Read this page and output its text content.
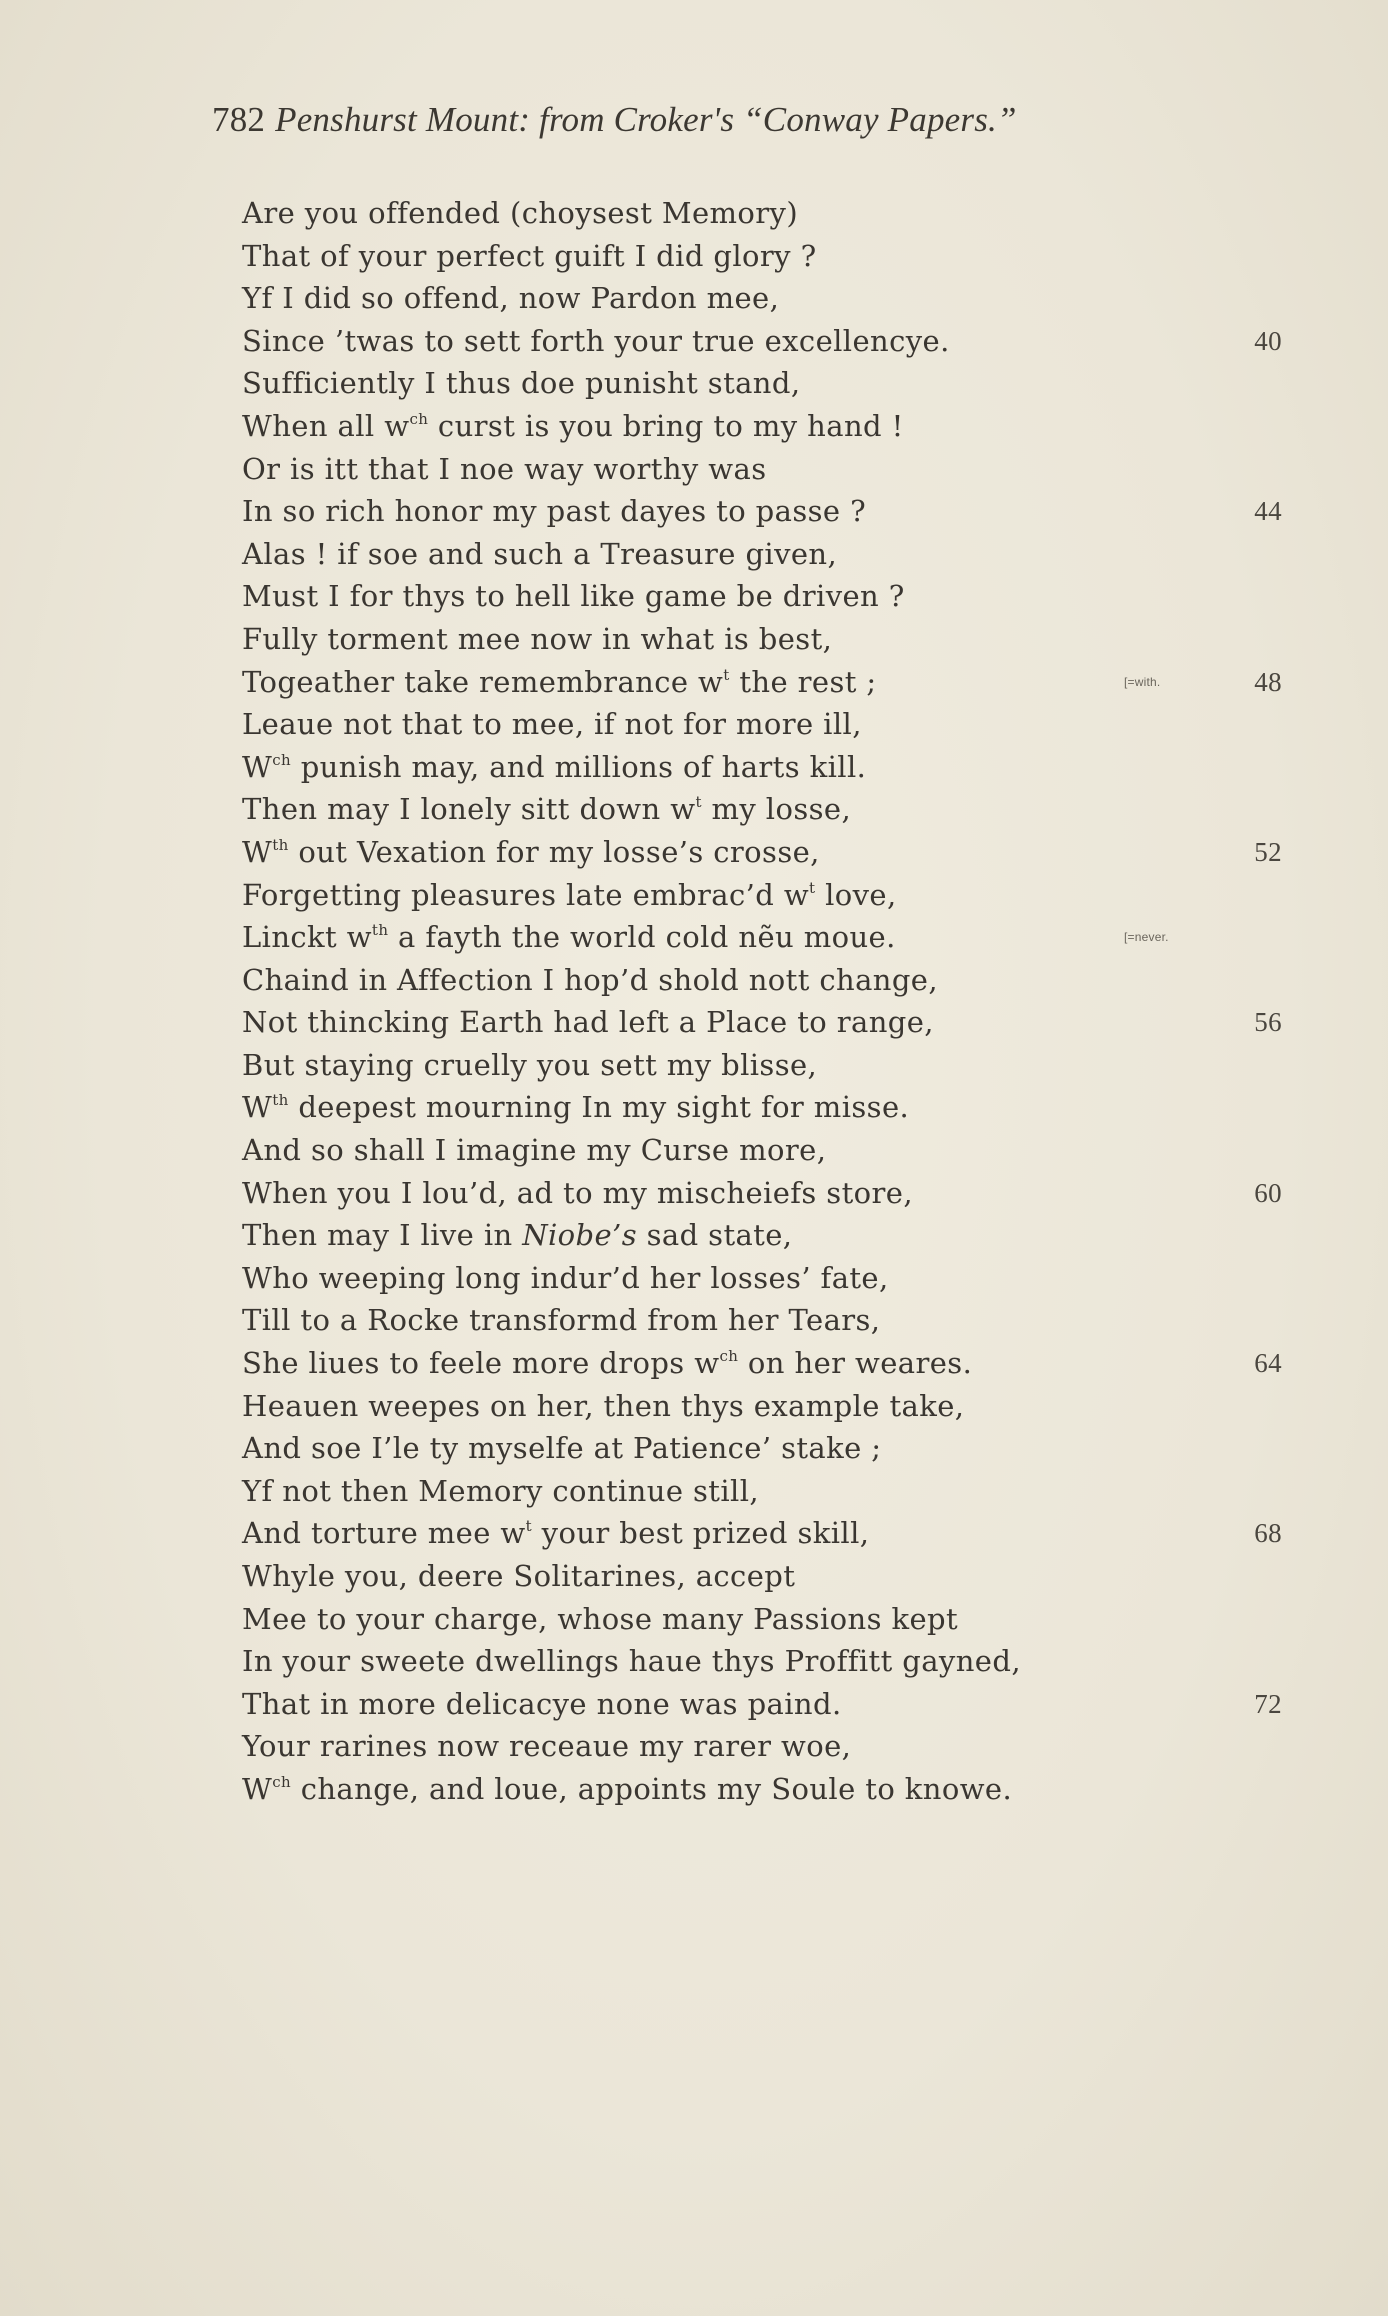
782 Penshurst Mount: from Croker's “Conway Papers.”
Are you offended (choysest Memory)
That of your perfect guift I did glory ?
Yf I did so offend, now Pardon mee,
Since ’twas to sett forth your true excellencye.	40
Sufficiently I thus doe punisht stand,
When all $w^{ch}$ curst is you bring to my hand !
Or is itt that I noe way worthy was
In so rich honor my past dayes to passe ?	44
Alas ! if soe and such a Treasure given,
Must I for thys to hell like game be driven ?
Fully torment mee now in what is best,
Togeather take remembrance $w^t$ the rest ;	[=with.	48
Leaue not that to mee, if not for more ill,
$W^{ch}$ punish may, and millions of harts kill.
Then may I lonely sitt down $w^t$ my losse,
$W^{th}$ out Vexation for my losse’s crosse,	52
Forgetting pleasures late embrac’d $w^t$ love,
Linckt $w^{th}$ a fayth the world cold nẽu moue.	[=never.
Chaind in Affection I hop’d shold nott change,
Not thincking Earth had left a Place to range,	56
But staying cruelly you sett my blisse,
$W^{th}$ deepest mourning In my sight for misse.
And so shall I imagine my Curse more,
When you I lou’d, ad to my mischeiefs store,	60
Then may I live in Niobe’s sad state,
Who weeping long indur’d her losses’ fate,
Till to a Rocke transformd from her Tears,
She liues to feele more drops $w^{ch}$ on her weares.	64
Heauen weepes on her, then thys example take,
And soe I’le ty myselfe at Patience’ stake ;
Yf not then Memory continue still,
And torture mee $w^t$ your best prized skill,	68
Whyle you, deere Solitarines, accept
Mee to your charge, whose many Passions kept
In your sweete dwellings haue thys Proffitt gayned,
That in more delicacye none was paind.	72
Your rarines now receaue my rarer woe,
$W^{ch}$ change, and loue, appoints my Soule to knowe.
